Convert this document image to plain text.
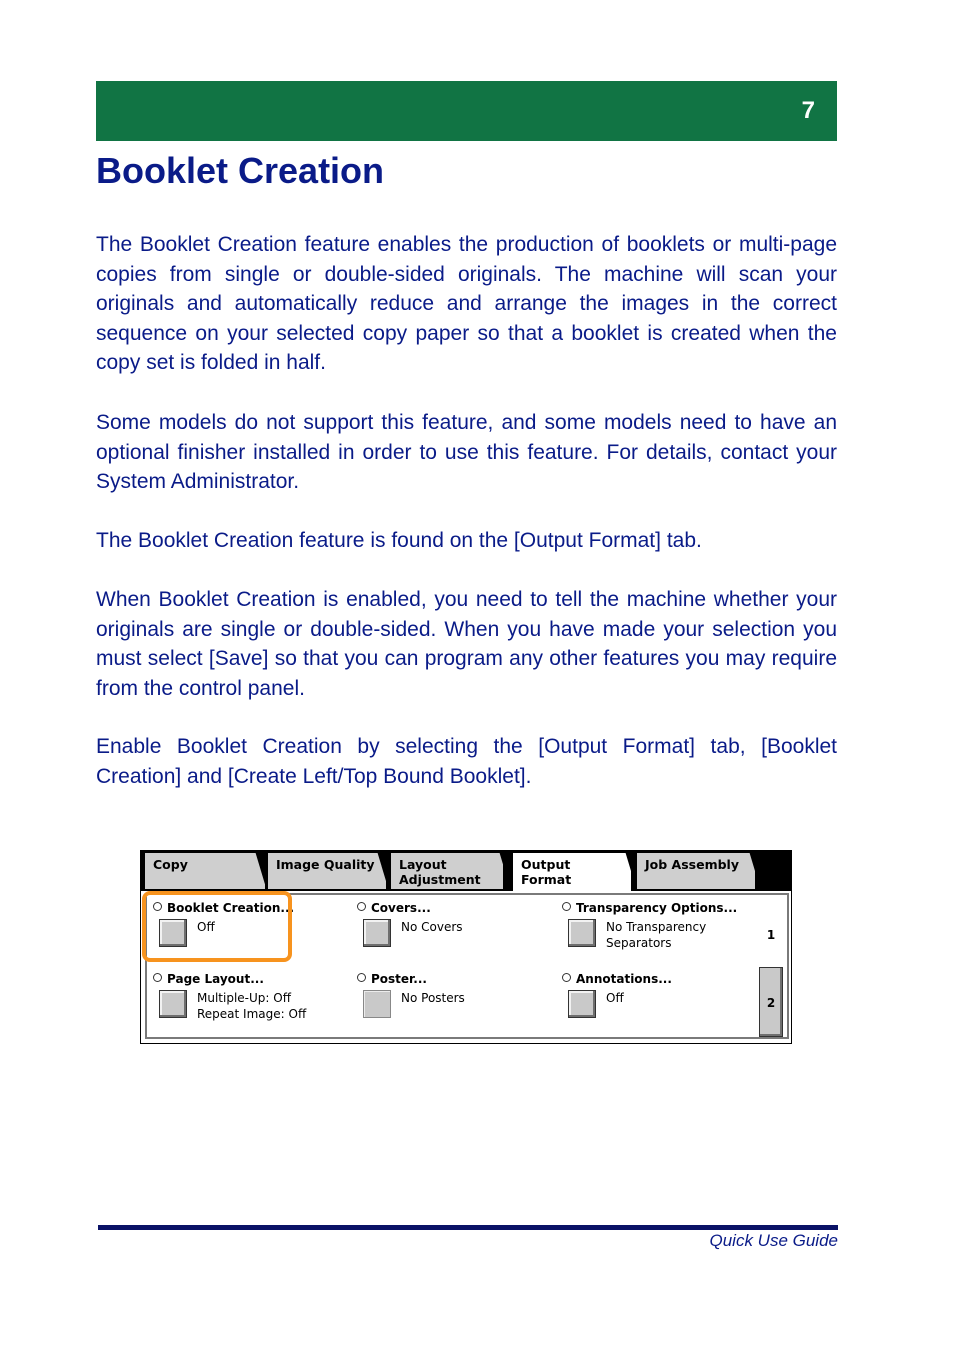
7
Booklet Creation

The Booklet Creation feature enables the production of booklets or multi-page copies from single or double-sided originals. The machine will scan your originals and automatically reduce and arrange the images in the correct sequence on your selected copy paper so that a booklet is created when the copy set is folded in half.

Some models do not support this feature, and some models need to have an optional finisher installed in order to use this feature. For details, contact your System Administrator.

The Booklet Creation feature is found on the [Output Format] tab.

When Booklet Creation is enabled, you need to tell the machine whether your originals are single or double-sided. When you have made your selection you must select [Save] so that you can program any other features you may require from the control panel.

Enable Booklet Creation by selecting the [Output Format] tab, [Booklet Creation] and [Create Left/Top Bound Booklet].

Copy	Image Quality	Layout Adjustment
Output Format
Job Assembly
Booklet Creation...
Off
Covers...
No Covers
Transparency Options...
No Transparency
Separators
Page Layout...
Multiple-Up: Off
Repeat Image: Off
Poster...
No Posters
Annotations...
Off
1
2
Quick Use Guide
